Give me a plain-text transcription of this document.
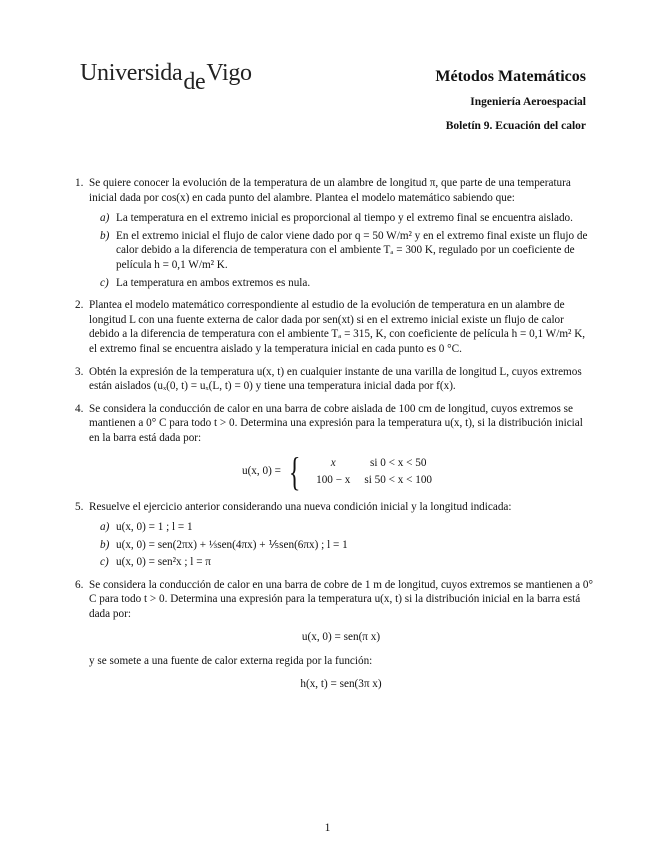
UniversidadeVigo	Métodos Matemáticos
Ingeniería Aeroespacial
Boletín 9. Ecuación del calor
1. Se quiere conocer la evolución de la temperatura de un alambre de longitud π, que parte de una temperatura inicial dada por cos(x) en cada punto del alambre. Plantea el modelo matemático sabiendo que:
a) La temperatura en el extremo inicial es proporcional al tiempo y el extremo final se encuentra aislado.
b) En el extremo inicial el flujo de calor viene dado por q = 50 W/m² y en el extremo final existe un flujo de calor debido a la diferencia de temperatura con el ambiente Tₐ = 300 K, regulado por un coeficiente de película h = 0,1 W/m² K.
c) La temperatura en ambos extremos es nula.
2. Plantea el modelo matemático correspondiente al estudio de la evolución de temperatura en un alambre de longitud L con una fuente externa de calor dada por sen(xt) si en el extremo inicial existe un flujo de calor debido a la diferencia de temperatura con el ambiente Tₐ = 315, K, con coeficiente de película h = 0,1 W/m² K, el extremo final se encuentra aislado y la temperatura inicial en cada punto es 0 °C.
3. Obtén la expresión de la temperatura u(x, t) en cualquier instante de una varilla de longitud L, cuyos extremos están aislados (uₓ(0, t) = uₓ(L, t) = 0) y tiene una temperatura inicial dada por f(x).
4. Se considera la conducción de calor en una barra de cobre aislada de 100 cm de longitud, cuyos extremos se mantienen a 0° C para todo t > 0. Determina una expresión para la temperatura u(x, t), si la distribución inicial en la barra está dada por:
u(x, 0) = {	x	si 0 < x < 50
100 − x	si 50 < x < 100
5. Resuelve el ejercicio anterior considerando una nueva condición inicial y la longitud indicada:
a) u(x, 0) = 1 ; l = 1
b) u(x, 0) = sen(2πx) + ⅓sen(4πx) + ⅕sen(6πx) ; l = 1
c) u(x, 0) = sen²x ; l = π
6. Se considera la conducción de calor en una barra de cobre de 1 m de longitud, cuyos extremos se mantienen a 0° C para todo t > 0. Determina una expresión para la temperatura u(x, t) si la distribución inicial en la barra está dada por:
u(x, 0) = sen(π x)
y se somete a una fuente de calor externa regida por la función:
h(x, t) = sen(3π x)
1
